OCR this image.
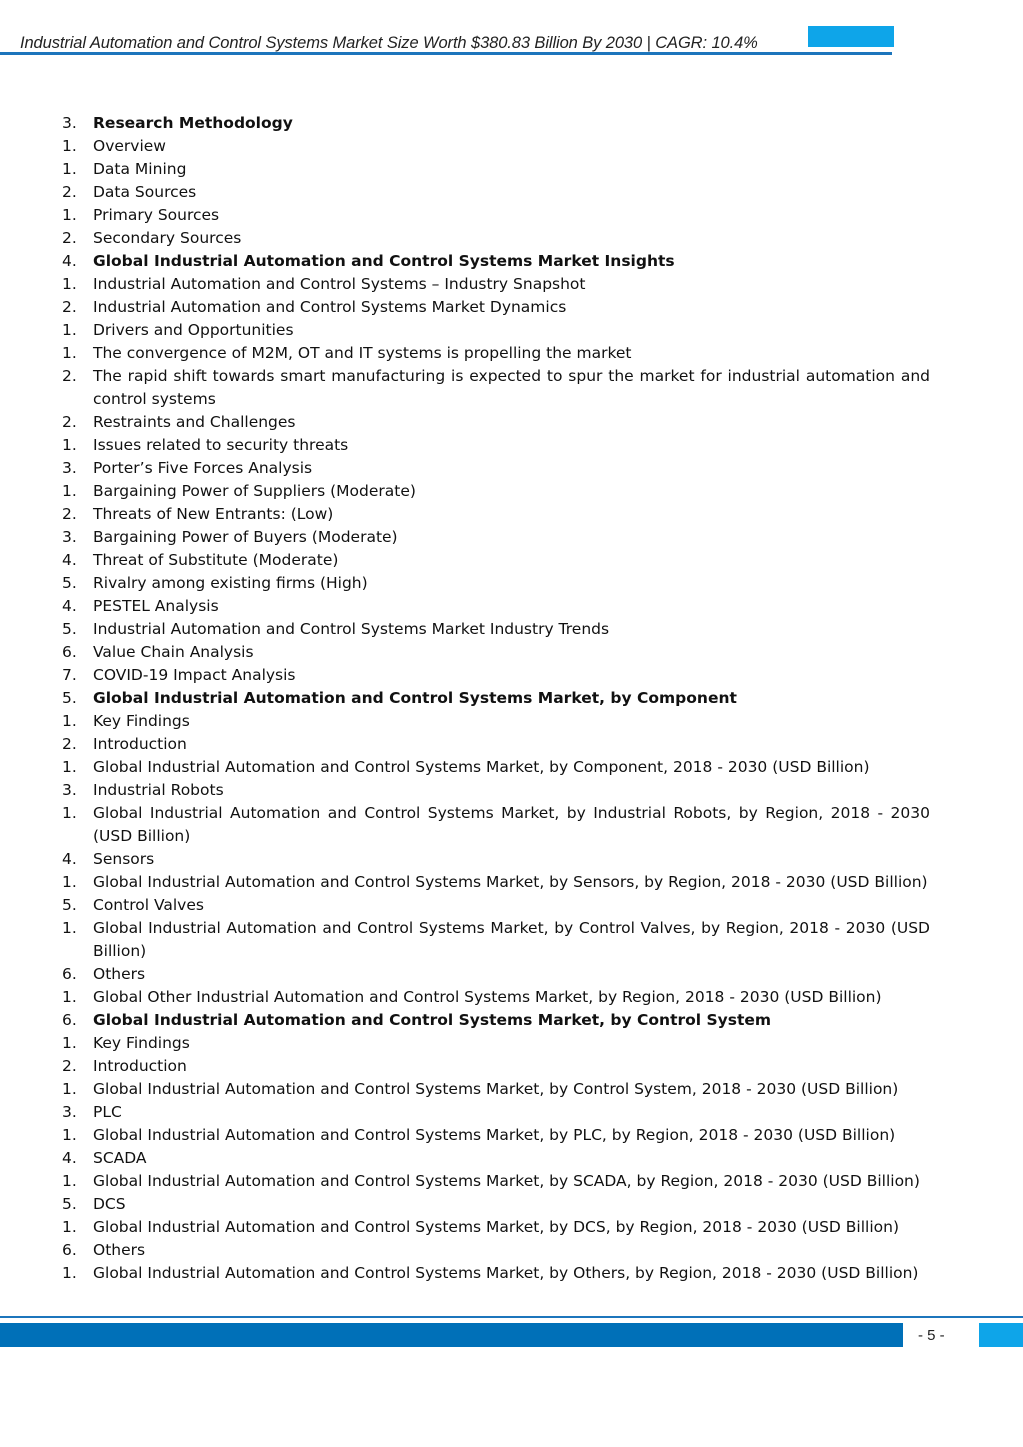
Industrial Automation and Control Systems Market Size Worth $380.83 Billion By 2030 | CAGR: 10.4%
3. Research Methodology
1. Overview
1. Data Mining
2. Data Sources
1. Primary Sources
2. Secondary Sources
4. Global Industrial Automation and Control Systems Market Insights
1. Industrial Automation and Control Systems – Industry Snapshot
2. Industrial Automation and Control Systems Market Dynamics
1. Drivers and Opportunities
1. The convergence of M2M, OT and IT systems is propelling the market
2. The rapid shift towards smart manufacturing is expected to spur the market for industrial automation and control systems
2. Restraints and Challenges
1. Issues related to security threats
3. Porter’s Five Forces Analysis
1. Bargaining Power of Suppliers (Moderate)
2. Threats of New Entrants: (Low)
3. Bargaining Power of Buyers (Moderate)
4. Threat of Substitute (Moderate)
5. Rivalry among existing firms (High)
4. PESTEL Analysis
5. Industrial Automation and Control Systems Market Industry Trends
6. Value Chain Analysis
7. COVID-19 Impact Analysis
5. Global Industrial Automation and Control Systems Market, by Component
1. Key Findings
2. Introduction
1. Global Industrial Automation and Control Systems Market, by Component, 2018 - 2030 (USD Billion)
3. Industrial Robots
1. Global Industrial Automation and Control Systems Market, by Industrial Robots, by Region, 2018 - 2030 (USD Billion)
4. Sensors
1. Global Industrial Automation and Control Systems Market, by Sensors, by Region, 2018 - 2030 (USD Billion)
5. Control Valves
1. Global Industrial Automation and Control Systems Market, by Control Valves, by Region, 2018 - 2030 (USD Billion)
6. Others
1. Global Other Industrial Automation and Control Systems Market, by Region, 2018 - 2030 (USD Billion)
6. Global Industrial Automation and Control Systems Market, by Control System
1. Key Findings
2. Introduction
1. Global Industrial Automation and Control Systems Market, by Control System, 2018 - 2030 (USD Billion)
3. PLC
1. Global Industrial Automation and Control Systems Market, by PLC, by Region, 2018 - 2030 (USD Billion)
4. SCADA
1. Global Industrial Automation and Control Systems Market, by SCADA, by Region, 2018 - 2030 (USD Billion)
5. DCS
1. Global Industrial Automation and Control Systems Market, by DCS, by Region, 2018 - 2030 (USD Billion)
6. Others
1. Global Industrial Automation and Control Systems Market, by Others, by Region, 2018 - 2030 (USD Billion)
- 5 -
